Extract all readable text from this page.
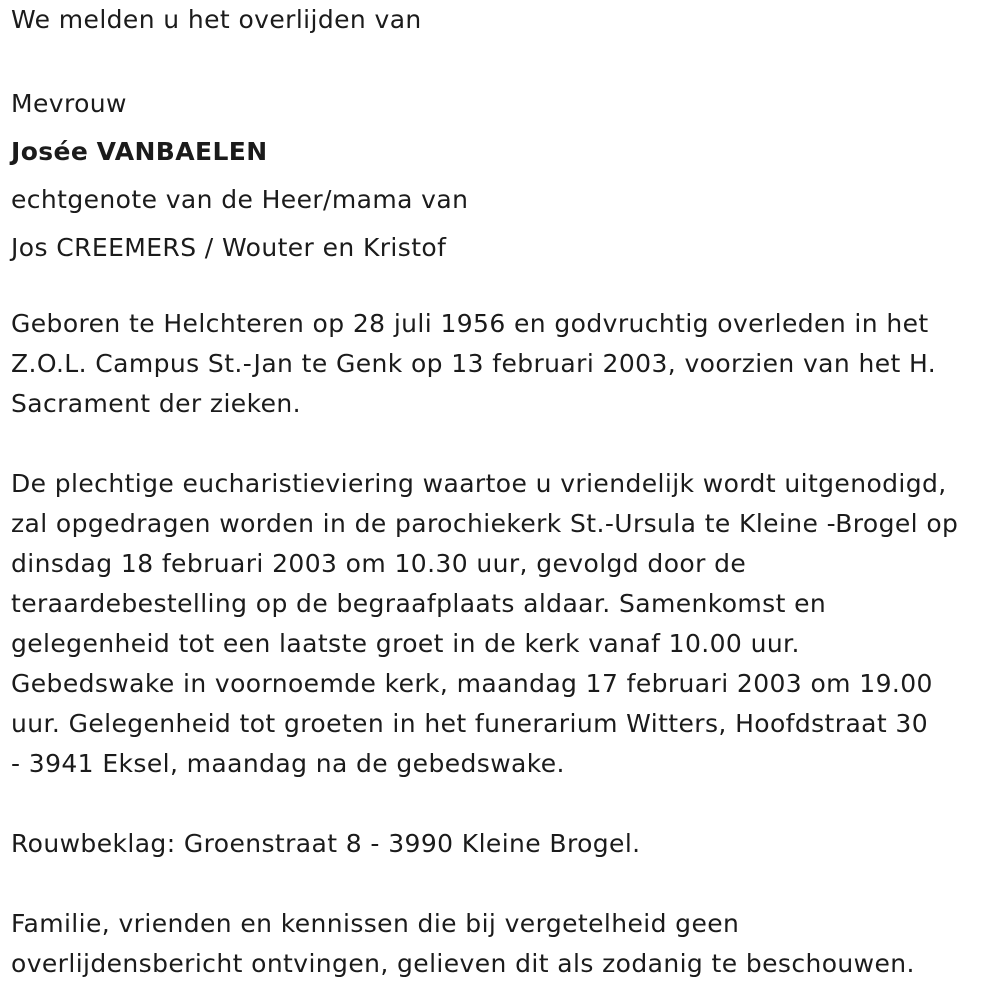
We melden u het overlijden van
Mevrouw
Josée VANBAELEN
echtgenote van de Heer/mama van
Jos CREEMERS / Wouter en Kristof

Geboren te Helchteren op 28 juli 1956 en godvruchtig overleden in het
Z.O.L. Campus St.-Jan te Genk op 13 februari 2003, voorzien van het H.
Sacrament der zieken.

De plechtige eucharistieviering waartoe u vriendelijk wordt uitgenodigd,
zal opgedragen worden in de parochiekerk St.-Ursula te Kleine -Brogel op
dinsdag 18 februari 2003 om 10.30 uur, gevolgd door de
teraardebestelling op de begraafplaats aldaar. Samenkomst en
gelegenheid tot een laatste groet in de kerk vanaf 10.00 uur.
Gebedswake in voornoemde kerk, maandag 17 februari 2003 om 19.00
uur. Gelegenheid tot groeten in het funerarium Witters, Hoofdstraat 30
- 3941 Eksel, maandag na de gebedswake.

Rouwbeklag: Groenstraat 8 - 3990 Kleine Brogel.

Familie, vrienden en kennissen die bij vergetelheid geen
overlijdensbericht ontvingen, gelieven dit als zodanig te beschouwen.
